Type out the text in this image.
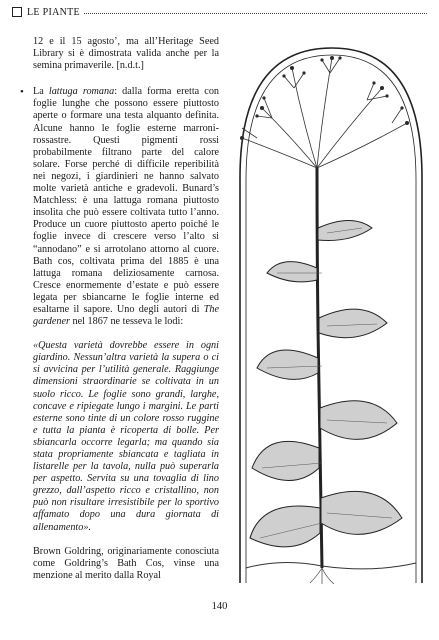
LE PIANTE

12 e il 15 agosto’, ma all’Heritage Seed Library si è dimostrata valida anche per la semina primaverile. [n.d.t.]

• La lattuga romana: dalla forma eretta con foglie lunghe che possono essere piuttosto aperte o formare una testa alquanto definita. Alcune hanno le foglie esterne marroni-rossastre. Questi pigmenti rossi probabilmente filtrano parte del calore solare. Forse perché di difficile reperibilità nei negozi, i giardinieri ne hanno salvato molte varietà antiche e gradevoli. Bunard’s Matchless: è una lattuga romana piuttosto insolita che può essere coltivata tutto l’anno. Produce un cuore piuttosto aperto poiché le foglie invece di crescere verso l’alto si “annodano” e si arrotolano attorno al cuore. Bath cos, coltivata prima del 1885 è una lattuga romana deliziosamente carnosa. Cresce enormemente d’estate e può essere legata per sbiancarne le foglie interne ed esaltarne il sapore. Uno degli autori di The gardener nel 1867 ne tesseva le lodi:

«Questa varietà dovrebbe essere in ogni giardino. Nessun’altra varietà la supera o ci si avvicina per l’utilità generale. Raggiunge dimensioni straordinarie se coltivata in un suolo ricco. Le foglie sono grandi, larghe, concave e ripiegate lungo i margini. Le parti esterne sono tinte di un colore rosso ruggine e tutta la pianta è ricoperta di bolle. Per sbiancarla occorre legarla; ma quando sia stata propriamente sbiancata e tagliata in listarelle per la tavola, nulla può superarla per aspetto. Servita su una tovaglia di lino grezzo, dall’aspetto ricco e cristallino, non può non risultare irresistibile per lo sportivo affamato dopo una dura giornata di allenamento».

Brown Goldring, originariamente conosciuta come Goldring’s Bath Cos, vinse una menzione al merito dalla Royal

140
